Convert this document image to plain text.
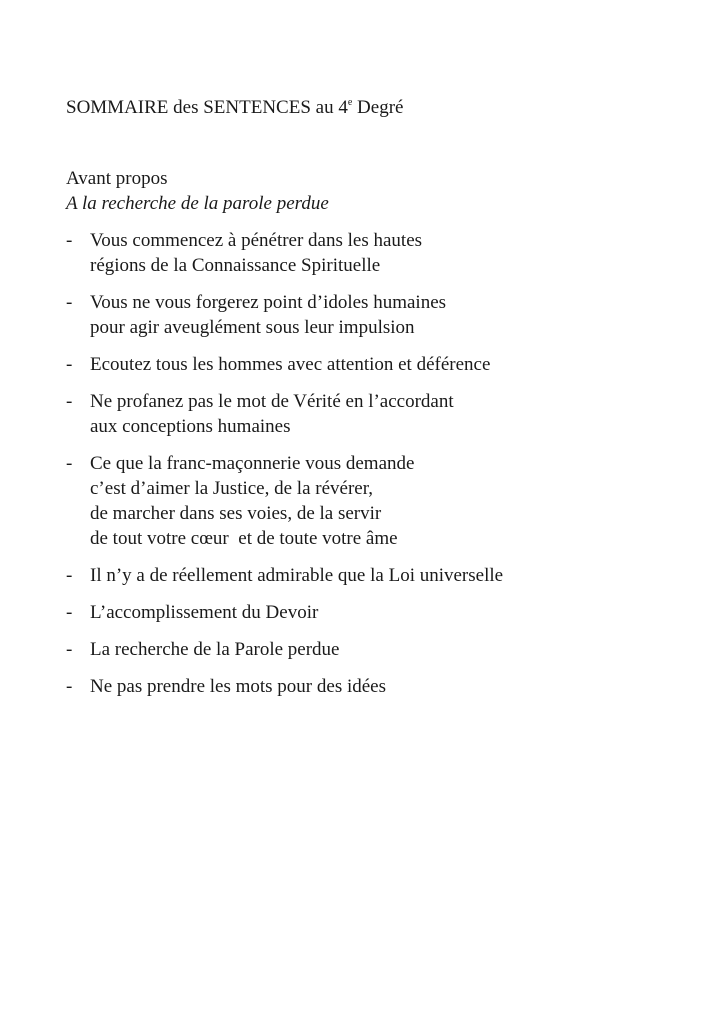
SOMMAIRE des SENTENCES au 4e Degré
Avant propos
A la recherche de la parole perdue
- Vous commencez à pénétrer dans les hautes
régions de la Connaissance Spirituelle
- Vous ne vous forgerez point d’idoles humaines
pour agir aveuglément sous leur impulsion
- Ecoutez tous les hommes avec attention et déférence
- Ne profanez pas le mot de Vérité en l’accordant
aux conceptions humaines
- Ce que la franc-maçonnerie vous demande
c’est d’aimer la Justice, de la révérer,
de marcher dans ses voies, de la servir
de tout votre cœur  et de toute votre âme
- Il n’y a de réellement admirable que la Loi universelle
- L’accomplissement du Devoir
- La recherche de la Parole perdue
- Ne pas prendre les mots pour des idées
